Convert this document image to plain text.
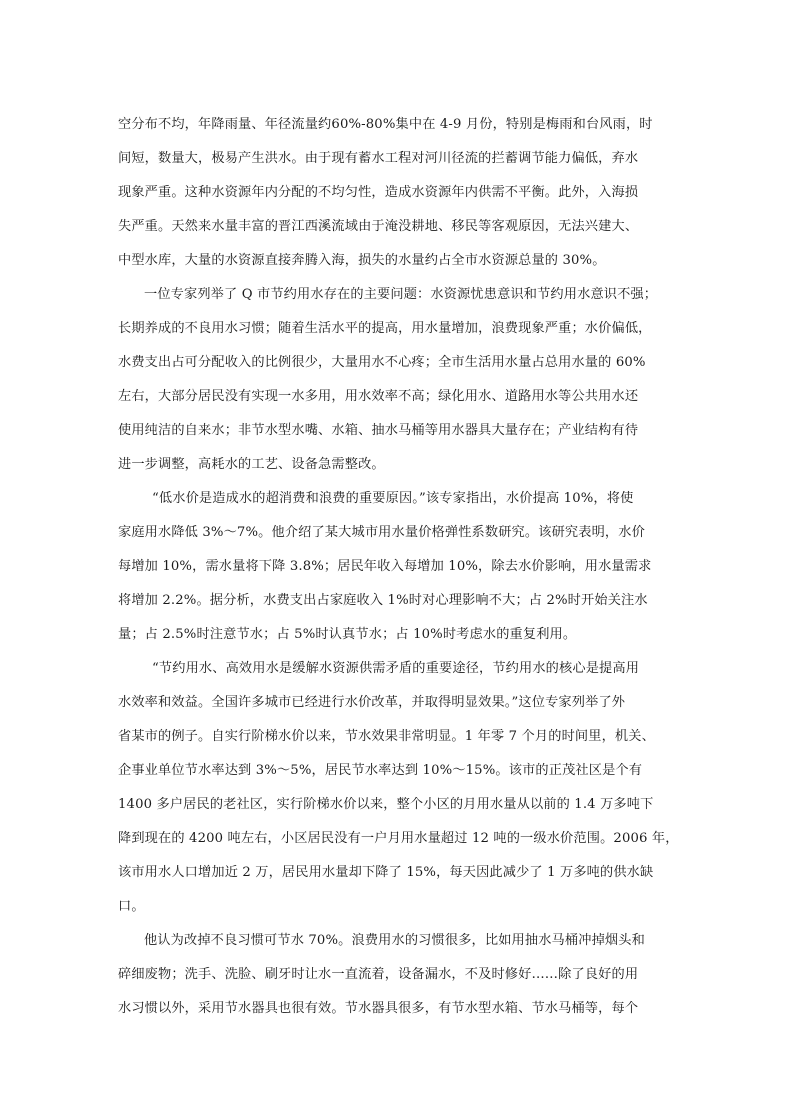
空分布不均，年降雨量、年径流量约60%-80%集中在 4-9 月份，特别是梅雨和台风雨，时
间短，数量大，极易产生洪水。由于现有蓄水工程对河川径流的拦蓄调节能力偏低，弃水
现象严重。这种水资源年内分配的不均匀性，造成水资源年内供需不平衡。此外，入海损
失严重。天然来水量丰富的晋江西溪流域由于淹没耕地、移民等客观原因，无法兴建大、
中型水库，大量的水资源直接奔腾入海，损失的水量约占全市水资源总量的 30%。
一位专家列举了 Q 市节约用水存在的主要问题：水资源忧患意识和节约用水意识不强；
长期养成的不良用水习惯；随着生活水平的提高，用水量增加，浪费现象严重；水价偏低，
水费支出占可分配收入的比例很少，大量用水不心疼；全市生活用水量占总用水量的 60%
左右，大部分居民没有实现一水多用，用水效率不高；绿化用水、道路用水等公共用水还
使用纯洁的自来水；非节水型水嘴、水箱、抽水马桶等用水器具大量存在；产业结构有待
进一步调整，高耗水的工艺、设备急需整改。
“低水价是造成水的超消费和浪费的重要原因。”该专家指出，水价提高 10%，将使
家庭用水降低 3%～7%。他介绍了某大城市用水量价格弹性系数研究。该研究表明，水价
每增加 10%，需水量将下降 3.8%；居民年收入每增加 10%，除去水价影响，用水量需求
将增加 2.2%。据分析，水费支出占家庭收入 1%时对心理影响不大；占 2%时开始关注水
量；占 2.5%时注意节水；占 5%时认真节水；占 10%时考虑水的重复利用。
“节约用水、高效用水是缓解水资源供需矛盾的重要途径，节约用水的核心是提高用
水效率和效益。全国许多城市已经进行水价改革，并取得明显效果。”这位专家列举了外
省某市的例子。自实行阶梯水价以来，节水效果非常明显。1 年零 7 个月的时间里，机关、
企事业单位节水率达到 3%～5%，居民节水率达到 10%～15%。该市的正茂社区是个有
1400 多户居民的老社区，实行阶梯水价以来，整个小区的月用水量从以前的 1.4 万多吨下
降到现在的 4200 吨左右，小区居民没有一户月用水量超过 12 吨的一级水价范围。2006 年，
该市用水人口增加近 2 万，居民用水量却下降了 15%，每天因此减少了 1 万多吨的供水缺
口。
他认为改掉不良习惯可节水 70%。浪费用水的习惯很多，比如用抽水马桶冲掉烟头和
碎细废物；洗手、洗脸、刷牙时让水一直流着，设备漏水，不及时修好……除了良好的用
水习惯以外，采用节水器具也很有效。节水器具很多，有节水型水箱、节水马桶等，每个
